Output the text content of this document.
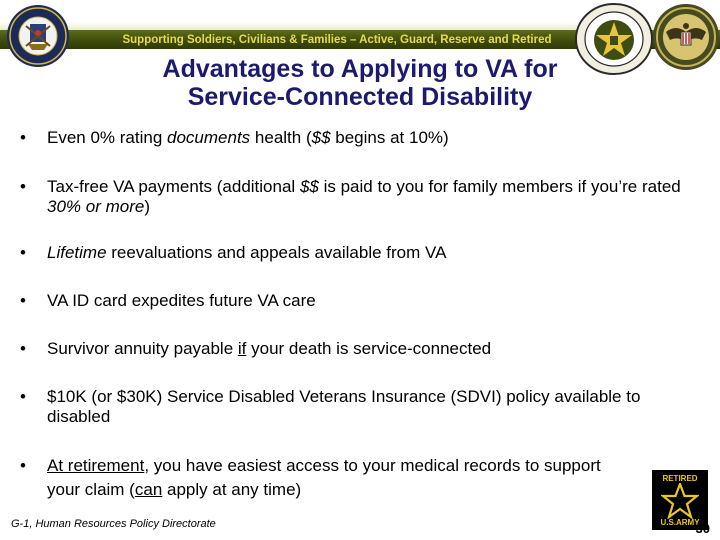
Supporting Soldiers, Civilians & Families – Active, Guard, Reserve and Retired
Advantages to Applying to VA for
Service-Connected Disability
•	Even 0% rating documents health ($$ begins at 10%)
•	Tax-free VA payments (additional $$ is paid to you for family members if you’re rated 30% or more)
•	Lifetime reevaluations and appeals available from VA
•	VA ID card expedites future VA care
•	Survivor annuity payable if your death is service-connected
•	$10K (or $30K) Service Disabled Veterans Insurance (SDVI) policy available to disabled
•	At retirement, you have easiest access to your medical records to support your claim (can apply at any time)
G-1, Human Resources Policy Directorate
RETIRED
U.S.ARMY
30
